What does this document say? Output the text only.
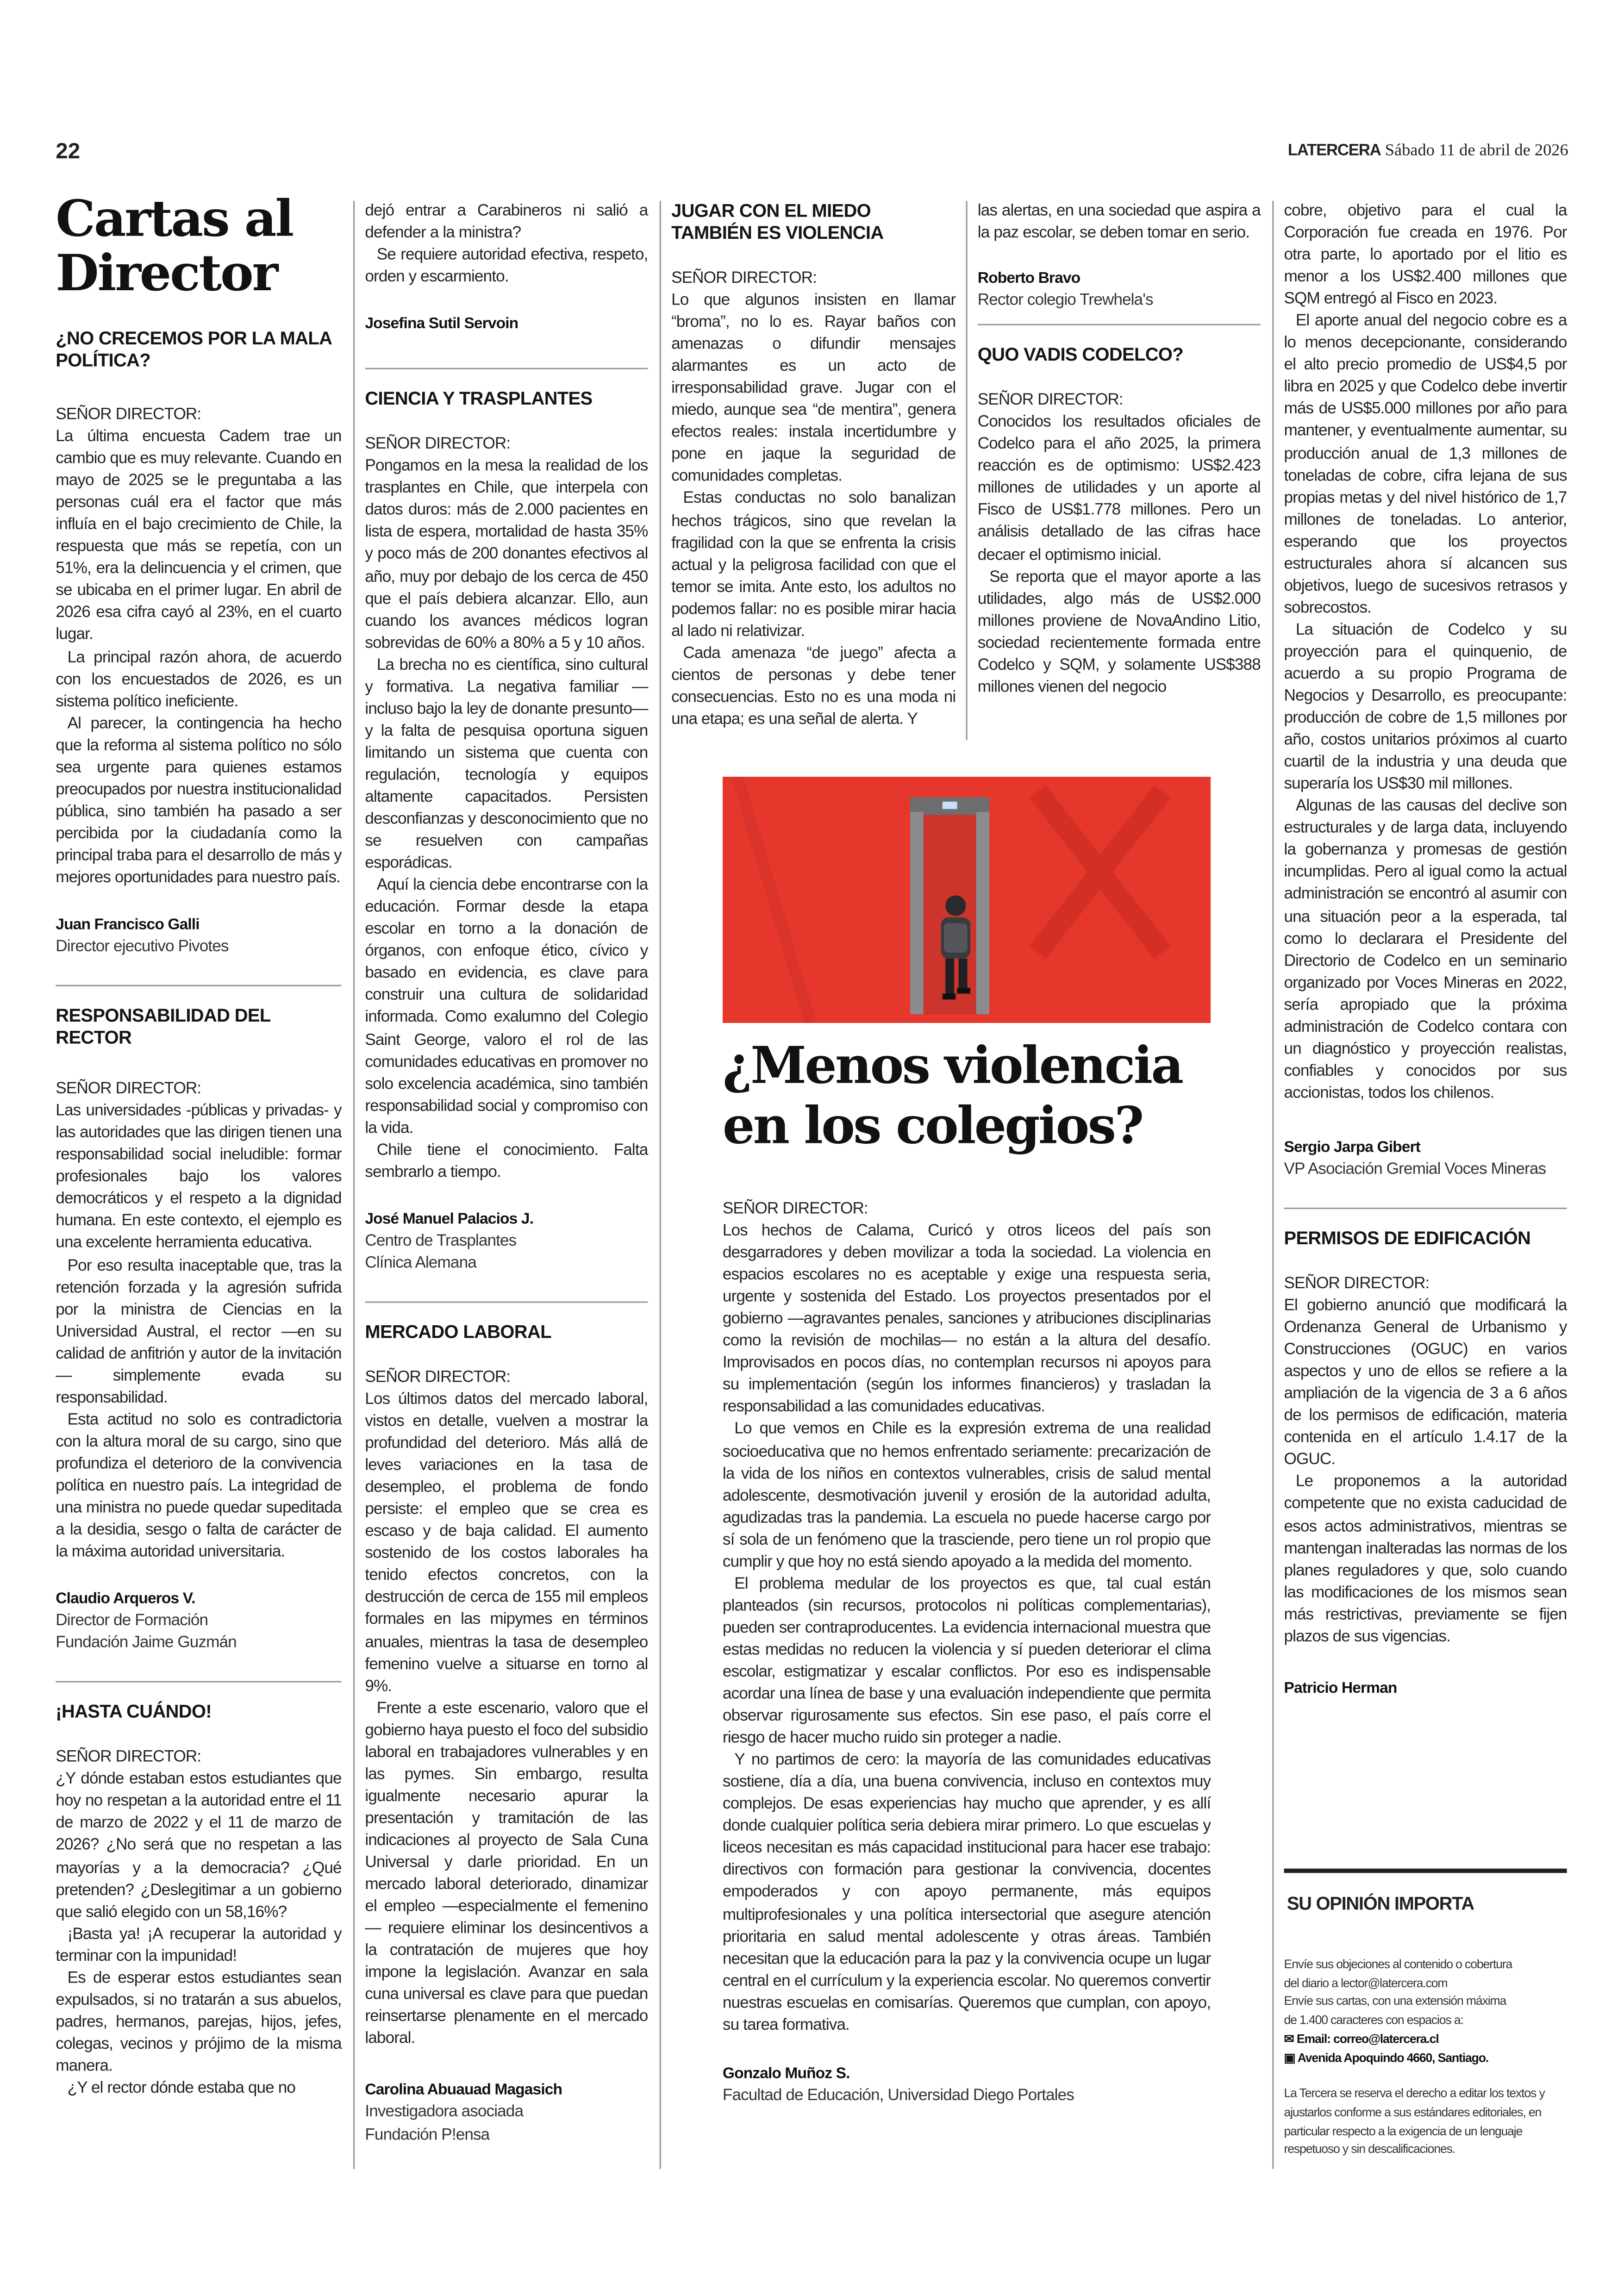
22	LATERCERA Sábado 11 de abril de 2026
Cartas al Director
¿NO CRECEMOS POR LA MALA POLÍTICA?
SEÑOR DIRECTOR:

La última encuesta Cadem trae un cambio que es muy relevante. Cuando en mayo de 2025 se le preguntaba a las personas cuál era el factor que más influía en el bajo crecimiento de Chile, la respuesta que más se repetía, con un 51%, era la delincuencia y el crimen, que se ubicaba en el primer lugar. En abril de 2026 esa cifra cayó al 23%, en el cuarto lugar.

La principal razón ahora, de acuerdo con los encuestados de 2026, es un sistema político ineficiente.

Al parecer, la contingencia ha hecho que la reforma al sistema político no sólo sea urgente para quienes estamos preocupados por nuestra institucionalidad pública, sino también ha pasado a ser percibida por la ciudadanía como la principal traba para el desarrollo de más y mejores oportunidades para nuestro país.

Juan Francisco Galli
Director ejecutivo Pivotes
RESPONSABILIDAD DEL RECTOR
SEÑOR DIRECTOR:

Las universidades -públicas y privadas- y las autoridades que las dirigen tienen una responsabilidad social ineludible: formar profesionales bajo los valores democráticos y el respeto a la dignidad humana. En este contexto, el ejemplo es una excelente herramienta educativa.

Por eso resulta inaceptable que, tras la retención forzada y la agresión sufrida por la ministra de Ciencias en la Universidad Austral, el rector —en su calidad de anfitrión y autor de la invitación— simplemente evada su responsabilidad.

Esta actitud no solo es contradictoria con la altura moral de su cargo, sino que profundiza el deterioro de la convivencia política en nuestro país. La integridad de una ministra no puede quedar supeditada a la desidia, sesgo o falta de carácter de la máxima autoridad universitaria.

Claudio Arqueros V.
Director de Formación
Fundación Jaime Guzmán
¡HASTA CUÁNDO!
SEÑOR DIRECTOR:

¿Y dónde estaban estos estudiantes que hoy no respetan a la autoridad entre el 11 de marzo de 2022 y el 11 de marzo de 2026? ¿No será que no respetan a las mayorías y a la democracia? ¿Qué pretenden? ¿Deslegitimar a un gobierno que salió elegido con un 58,16%?

¡Basta ya! ¡A recuperar la autoridad y terminar con la impunidad!

Es de esperar estos estudiantes sean expulsados, si no tratarán a sus abuelos, padres, hermanos, parejas, hijos, jefes, colegas, vecinos y prójimo de la misma manera.

¿Y el rector dónde estaba que no

dejó entrar a Carabineros ni salió a defender a la ministra?

Se requiere autoridad efectiva, respeto, orden y escarmiento.

Josefina Sutil Servoin
CIENCIA Y TRASPLANTES
SEÑOR DIRECTOR:

Pongamos en la mesa la realidad de los trasplantes en Chile, que interpela con datos duros: más de 2.000 pacientes en lista de espera, mortalidad de hasta 35% y poco más de 200 donantes efectivos al año, muy por debajo de los cerca de 450 que el país debiera alcanzar. Ello, aun cuando los avances médicos logran sobrevidas de 60% a 80% a 5 y 10 años.

La brecha no es científica, sino cultural y formativa. La negativa familiar —incluso bajo la ley de donante presunto— y la falta de pesquisa oportuna siguen limitando un sistema que cuenta con regulación, tecnología y equipos altamente capacitados. Persisten desconfianzas y desconocimiento que no se resuelven con campañas esporádicas.

Aquí la ciencia debe encontrarse con la educación. Formar desde la etapa escolar en torno a la donación de órganos, con enfoque ético, cívico y basado en evidencia, es clave para construir una cultura de solidaridad informada. Como exalumno del Colegio Saint George, valoro el rol de las comunidades educativas en promover no solo excelencia académica, sino también responsabilidad social y compromiso con la vida.

Chile tiene el conocimiento. Falta sembrarlo a tiempo.

José Manuel Palacios J.
Centro de Trasplantes
Clínica Alemana
MERCADO LABORAL
SEÑOR DIRECTOR:

Los últimos datos del mercado laboral, vistos en detalle, vuelven a mostrar la profundidad del deterioro. Más allá de leves variaciones en la tasa de desempleo, el problema de fondo persiste: el empleo que se crea es escaso y de baja calidad. El aumento sostenido de los costos laborales ha tenido efectos concretos, con la destrucción de cerca de 155 mil empleos formales en las mipymes en términos anuales, mientras la tasa de desempleo femenino vuelve a situarse en torno al 9%.

Frente a este escenario, valoro que el gobierno haya puesto el foco del subsidio laboral en trabajadores vulnerables y en las pymes. Sin embargo, resulta igualmente necesario apurar la presentación y tramitación de las indicaciones al proyecto de Sala Cuna Universal y darle prioridad. En un mercado laboral deteriorado, dinamizar el empleo —especialmente el femenino— requiere eliminar los desincentivos a la contratación de mujeres que hoy impone la legislación. Avanzar en sala cuna universal es clave para que puedan reinsertarse plenamente en el mercado laboral.

Carolina Abuauad Magasich
Investigadora asociada
Fundación P!ensa
JUGAR CON EL MIEDO TAMBIÉN ES VIOLENCIA
SEÑOR DIRECTOR:

Lo que algunos insisten en llamar “broma”, no lo es. Rayar baños con amenazas o difundir mensajes alarmantes es un acto de irresponsabilidad grave. Jugar con el miedo, aunque sea “de mentira”, genera efectos reales: instala incertidumbre y pone en jaque la seguridad de comunidades completas.

Estas conductas no solo banalizan hechos trágicos, sino que revelan la fragilidad con la que se enfrenta la crisis actual y la peligrosa facilidad con que el temor se imita. Ante esto, los adultos no podemos fallar: no es posible mirar hacia al lado ni relativizar.

Cada amenaza “de juego” afecta a cientos de personas y debe tener consecuencias. Esto no es una moda ni una etapa; es una señal de alerta. Y

las alertas, en una sociedad que aspira a la paz escolar, se deben tomar en serio.

Roberto Bravo
Rector colegio Trewhela's
QUO VADIS CODELCO?
SEÑOR DIRECTOR:

Conocidos los resultados oficiales de Codelco para el año 2025, la primera reacción es de optimismo: US$2.423 millones de utilidades y un aporte al Fisco de US$1.778 millones. Pero un análisis detallado de las cifras hace decaer el optimismo inicial.

Se reporta que el mayor aporte a las utilidades, algo más de US$2.000 millones proviene de NovaAndino Litio, sociedad recientemente formada entre Codelco y SQM, y solamente US$388 millones vienen del negocio

cobre, objetivo para el cual la Corporación fue creada en 1976. Por otra parte, lo aportado por el litio es menor a los US$2.400 millones que SQM entregó al Fisco en 2023.

El aporte anual del negocio cobre es a lo menos decepcionante, considerando el alto precio promedio de US$4,5 por libra en 2025 y que Codelco debe invertir más de US$5.000 millones por año para mantener, y eventualmente aumentar, su producción anual de 1,3 millones de toneladas de cobre, cifra lejana de sus propias metas y del nivel histórico de 1,7 millones de toneladas. Lo anterior, esperando que los proyectos estructurales ahora sí alcancen sus objetivos, luego de sucesivos retrasos y sobrecostos.

La situación de Codelco y su proyección para el quinquenio, de acuerdo a su propio Programa de Negocios y Desarrollo, es preocupante: producción de cobre de 1,5 millones por año, costos unitarios próximos al cuarto cuartil de la industria y una deuda que superaría los US$30 mil millones.

Algunas de las causas del declive son estructurales y de larga data, incluyendo la gobernanza y promesas de gestión incumplidas. Pero al igual como la actual administración se encontró al asumir con una situación peor a la esperada, tal como lo declarara el Presidente del Directorio de Codelco en un seminario organizado por Voces Mineras en 2022, sería apropiado que la próxima administración de Codelco contara con un diagnóstico y proyección realistas, confiables y conocidos por sus accionistas, todos los chilenos.

Sergio Jarpa Gibert
VP Asociación Gremial Voces Mineras
PERMISOS DE EDIFICACIÓN
SEÑOR DIRECTOR:

El gobierno anunció que modificará la Ordenanza General de Urbanismo y Construcciones (OGUC) en varios aspectos y uno de ellos se refiere a la ampliación de la vigencia de 3 a 6 años de los permisos de edificación, materia contenida en el artículo 1.4.17 de la OGUC.

Le proponemos a la autoridad competente que no exista caducidad de esos actos administrativos, mientras se mantengan inalteradas las normas de los planes reguladores y que, solo cuando las modificaciones de los mismos sean más restrictivas, previamente se fijen plazos de sus vigencias.

Patricio Herman
¿Menos violencia en los colegios?
SEÑOR DIRECTOR:

Los hechos de Calama, Curicó y otros liceos del país son desgarradores y deben movilizar a toda la sociedad. La violencia en espacios escolares no es aceptable y exige una respuesta seria, urgente y sostenida del Estado. Los proyectos presentados por el gobierno —agravantes penales, sanciones y atribuciones disciplinarias como la revisión de mochilas— no están a la altura del desafío. Improvisados en pocos días, no contemplan recursos ni apoyos para su implementación (según los informes financieros) y trasladan la responsabilidad a las comunidades educativas.

Lo que vemos en Chile es la expresión extrema de una realidad socioeducativa que no hemos enfrentado seriamente: precarización de la vida de los niños en contextos vulnerables, crisis de salud mental adolescente, desmotivación juvenil y erosión de la autoridad adulta, agudizadas tras la pandemia. La escuela no puede hacerse cargo por sí sola de un fenómeno que la trasciende, pero tiene un rol propio que cumplir y que hoy no está siendo apoyado a la medida del momento.

El problema medular de los proyectos es que, tal cual están planteados (sin recursos, protocolos ni políticas complementarias), pueden ser contraproducentes. La evidencia internacional muestra que estas medidas no reducen la violencia y sí pueden deteriorar el clima escolar, estigmatizar y escalar conflictos. Por eso es indispensable acordar una línea de base y una evaluación independiente que permita observar rigurosamente sus efectos. Sin ese paso, el país corre el riesgo de hacer mucho ruido sin proteger a nadie.

Y no partimos de cero: la mayoría de las comunidades educativas sostiene, día a día, una buena convivencia, incluso en contextos muy complejos. De esas experiencias hay mucho que aprender, y es allí donde cualquier política seria debiera mirar primero. Lo que escuelas y liceos necesitan es más capacidad institucional para hacer ese trabajo: directivos con formación para gestionar la convivencia, docentes empoderados y con apoyo permanente, más equipos multiprofesionales y una política intersectorial que asegure atención prioritaria en salud mental adolescente y otras áreas. También necesitan que la educación para la paz y la convivencia ocupe un lugar central en el currículum y la experiencia escolar. No queremos convertir nuestras escuelas en comisarías. Queremos que cumplan, con apoyo, su tarea formativa.

Gonzalo Muñoz S.
Facultad de Educación, Universidad Diego Portales
SU OPINIÓN IMPORTA
Envíe sus objeciones al contenido o cobertura
del diario a lector@latercera.com
Envíe sus cartas, con una extensión máxima
de 1.400 caracteres con espacios a:
✉ Email: correo@latercera.cl
▣ Avenida Apoquindo 4660, Santiago.
La Tercera se reserva el derecho a editar los textos y ajustarlos conforme a sus estándares editoriales, en particular respecto a la exigencia de un lenguaje respetuoso y sin descalificaciones.
